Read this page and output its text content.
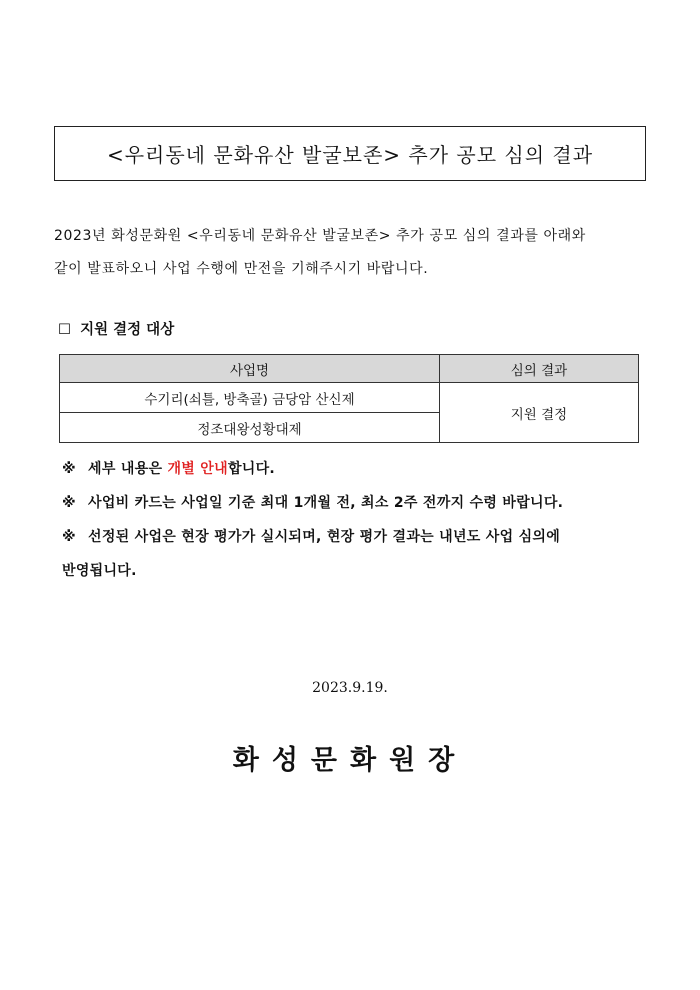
<우리동네 문화유산 발굴보존> 추가 공모 심의 결과
2023년 화성문화원 <우리동네 문화유산 발굴보존> 추가 공모 심의 결과를 아래와
같이 발표하오니 사업 수행에 만전을 기해주시기 바랍니다.
☐ 지원 결정 대상
사업명	심의 결과
수기리(쇠틀, 방축골) 금당암 산신제	지원 결정
정조대왕성황대제	
※ 세부 내용은 개별 안내합니다.
※ 사업비 카드는 사업일 기준 최대 1개월 전, 최소 2주 전까지 수령 바랍니다.
※ 선정된 사업은 현장 평가가 실시되며, 현장 평가 결과는 내년도 사업 심의에
반영됩니다.
2023.9.19.
화성문화원장
